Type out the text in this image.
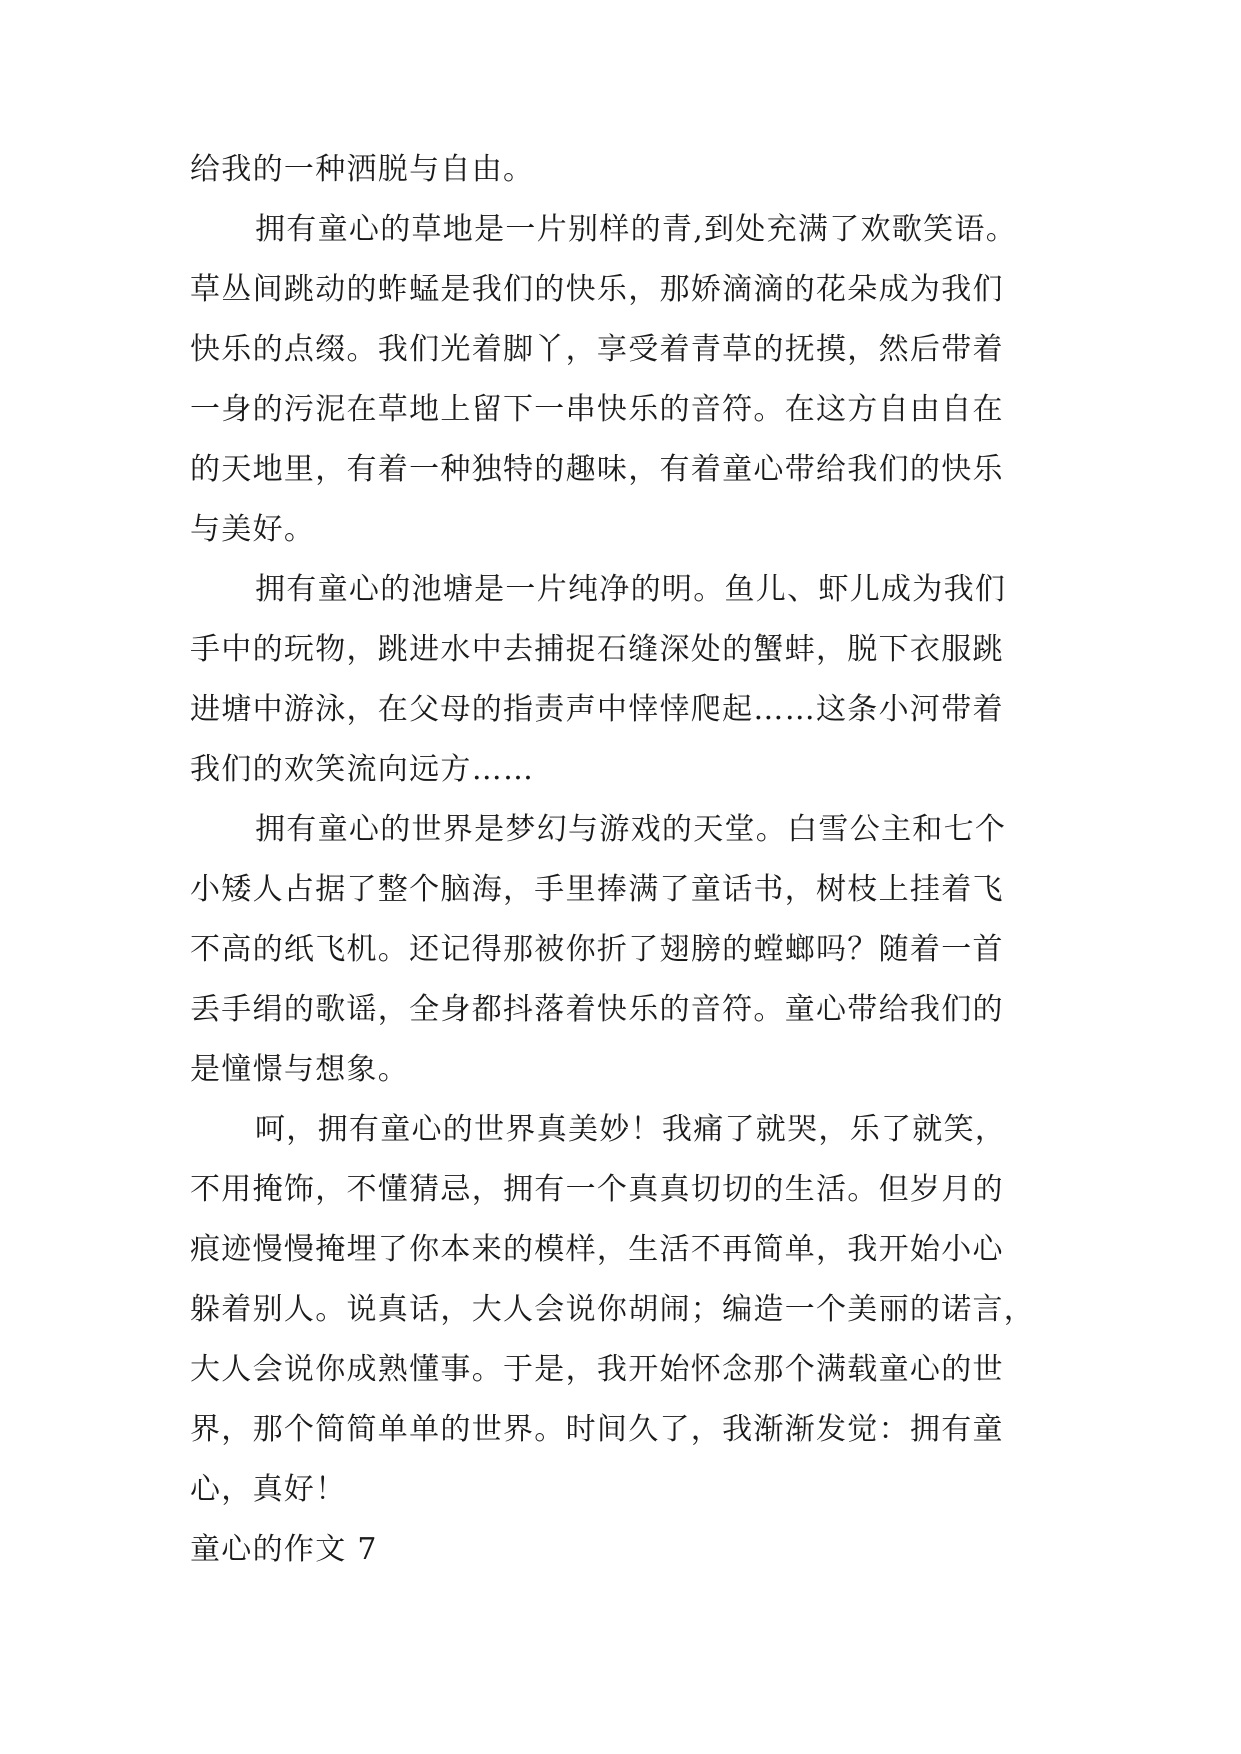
给我的一种洒脱与自由。
拥有童心的草地是一片别样的青,到处充满了欢歌笑语。
草丛间跳动的蚱蜢是我们的快乐，那娇滴滴的花朵成为我们
快乐的点缀。我们光着脚丫，享受着青草的抚摸，然后带着
一身的污泥在草地上留下一串快乐的音符。在这方自由自在
的天地里，有着一种独特的趣味，有着童心带给我们的快乐
与美好。
拥有童心的池塘是一片纯净的明。鱼儿、虾儿成为我们
手中的玩物，跳进水中去捕捉石缝深处的蟹蚌，脱下衣服跳
进塘中游泳，在父母的指责声中悻悻爬起……这条小河带着
我们的欢笑流向远方……
拥有童心的世界是梦幻与游戏的天堂。白雪公主和七个
小矮人占据了整个脑海，手里捧满了童话书，树枝上挂着飞
不高的纸飞机。还记得那被你折了翅膀的螳螂吗？随着一首
丢手绢的歌谣，全身都抖落着快乐的音符。童心带给我们的
是憧憬与想象。
呵，拥有童心的世界真美妙！我痛了就哭，乐了就笑，
不用掩饰，不懂猜忌，拥有一个真真切切的生活。但岁月的
痕迹慢慢掩埋了你本来的模样，生活不再简单，我开始小心
躲着别人。说真话，大人会说你胡闹；编造一个美丽的诺言，
大人会说你成熟懂事。于是，我开始怀念那个满载童心的世
界，那个简简单单的世界。时间久了，我渐渐发觉：拥有童
心，真好！
童心的作文 7
